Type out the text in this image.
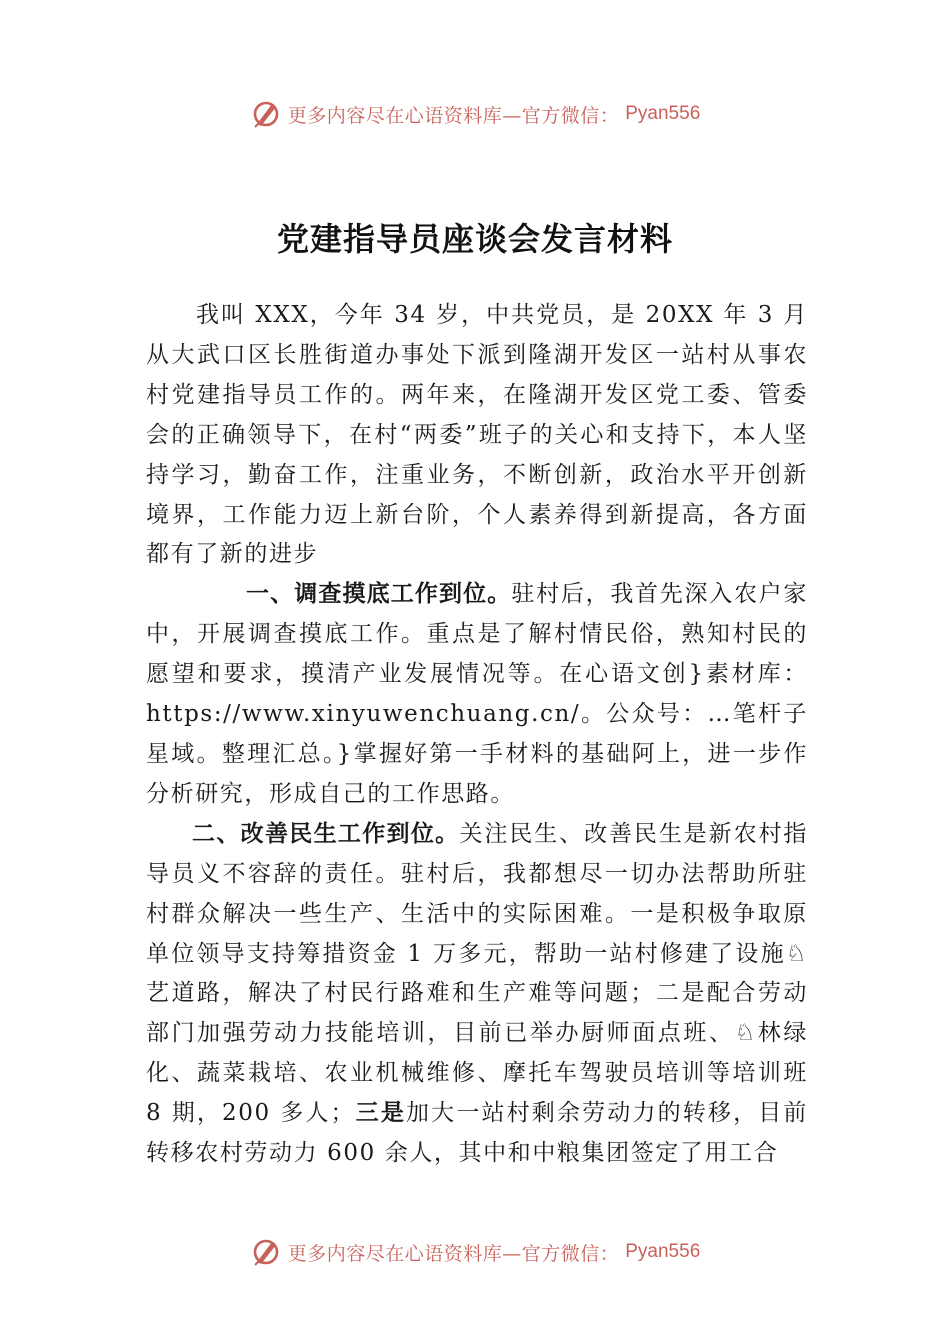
更多内容尽在心语资料库—官方微信： Pyan556
党建指导员座谈会发言材料

我叫 XXX，今年 34 岁，中共党员，是 20XX 年 3 月从大武口区长胜街道办事处下派到隆湖开发区一站村从事农村党建指导员工作的。两年来，在隆湖开发区党工委、管委会的正确领导下，在村“两委”班子的关心和支持下，本人坚持学习，勤奋工作，注重业务，不断创新，政治水平开创新境界，工作能力迈上新台阶，个人素养得到新提高，各方面都有了新的进步

一、调查摸底工作到位。驻村后，我首先深入农户家中，开展调查摸底工作。重点是了解村情民俗，熟知村民的愿望和要求，摸清产业发展情况等。在心语文创}素材库：https://www.xinyuwenchuang.cn/。公众号：…笔杆子星域。整理汇总。}掌握好第一手材料的基础阿上，进一步作分析研究，形成自己的工作思路。

二、改善民生工作到位。关注民生、改善民生是新农村指导员义不容辞的责任。驻村后，我都想尽一切办法帮助所驻村群众解决一些生产、生活中的实际困难。一是积极争取原单位领导支持筹措资金 1 万多元，帮助一站村修建了设施♘艺道路，解决了村民行路难和生产难等问题；二是配合劳动部门加强劳动力技能培训，目前已举办厨师面点班、♘林绿化、蔬菜栽培、农业机械维修、摩托车驾驶员培训等培训班 8 期，200 多人；三是加大一站村剩余劳动力的转移，目前转移农村劳动力 600 余人，其中和中粮集团签定了用工合

更多内容尽在心语资料库—官方微信： Pyan556
